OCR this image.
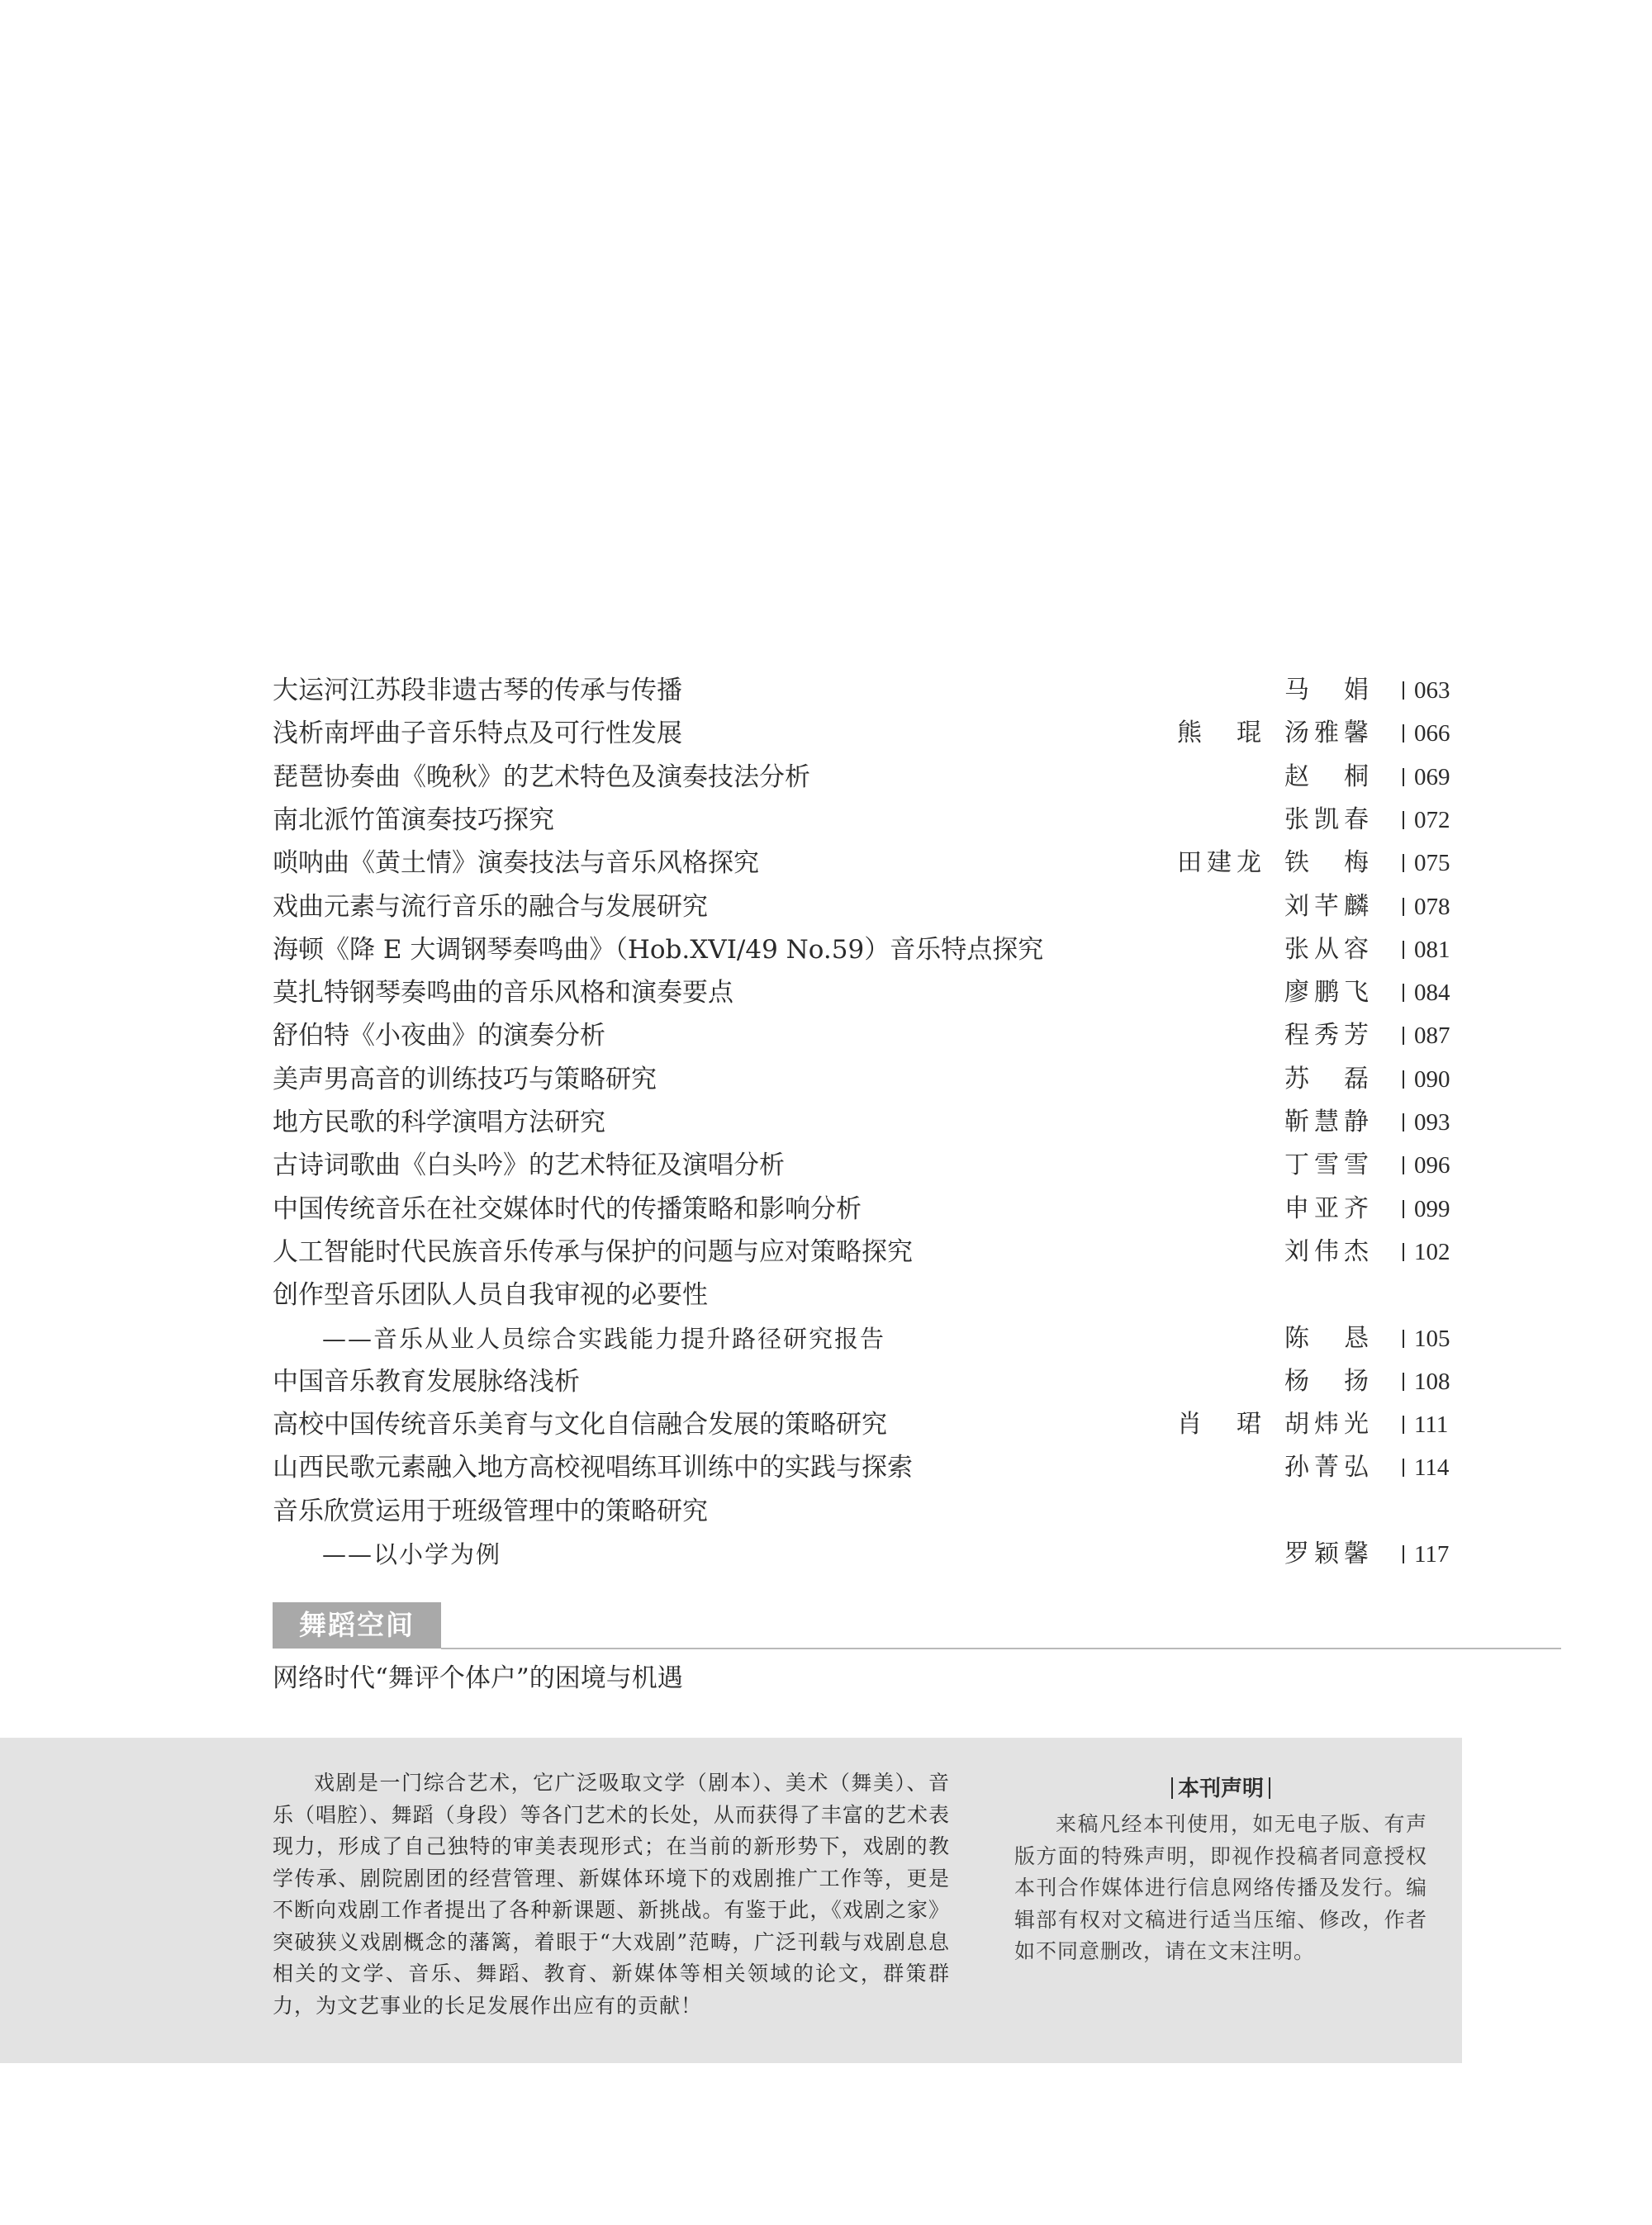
大运河江苏段非遗古琴的传承与传播	马　娟	063
浅析南坪曲子音乐特点及可行性发展	熊　琨 汤雅馨	066
琵琶协奏曲《晚秋》的艺术特色及演奏技法分析	赵　桐	069
南北派竹笛演奏技巧探究	张凯春	072
唢呐曲《黄土情》演奏技法与音乐风格探究	田建龙 铁　梅	075
戏曲元素与流行音乐的融合与发展研究	刘芊麟	078
海顿《降 E 大调钢琴奏鸣曲》（Hob.XVI/49 No.59）音乐特点探究	张从容	081
莫扎特钢琴奏鸣曲的音乐风格和演奏要点	廖鹏飞	084
舒伯特《小夜曲》的演奏分析	程秀芳	087
美声男高音的训练技巧与策略研究	苏　磊	090
地方民歌的科学演唱方法研究	靳慧静	093
古诗词歌曲《白头吟》的艺术特征及演唱分析	丁雪雪	096
中国传统音乐在社交媒体时代的传播策略和影响分析	申亚齐	099
人工智能时代民族音乐传承与保护的问题与应对策略探究	刘伟杰	102
创作型音乐团队人员自我审视的必要性
——音乐从业人员综合实践能力提升路径研究报告	陈　恳	105
中国音乐教育发展脉络浅析	杨　扬	108
高校中国传统音乐美育与文化自信融合发展的策略研究	肖　珺 胡炜光	111
山西民歌元素融入地方高校视唱练耳训练中的实践与探索	孙菁弘	114
音乐欣赏运用于班级管理中的策略研究
——以小学为例	罗颖馨	117
舞蹈空间
网络时代“舞评个体户”的困境与机遇
戏剧是一门综合艺术，它广泛吸取文学（剧本）、美术（舞美）、音乐（唱腔）、舞蹈（身段）等各门艺术的长处，从而获得了丰富的艺术表现力，形成了自己独特的审美表现形式；在当前的新形势下，戏剧的教学传承、剧院剧团的经营管理、新媒体环境下的戏剧推广工作等，更是不断向戏剧工作者提出了各种新课题、新挑战。有鉴于此，《戏剧之家》突破狭义戏剧概念的藩篱，着眼于“大戏剧”范畴，广泛刊载与戏剧息息相关的文学、音乐、舞蹈、教育、新媒体等相关领域的论文，群策群力，为文艺事业的长足发展作出应有的贡献！
本刊声明
来稿凡经本刊使用，如无电子版、有声版方面的特殊声明，即视作投稿者同意授权本刊合作媒体进行信息网络传播及发行。编辑部有权对文稿进行适当压缩、修改，作者如不同意删改，请在文末注明。
